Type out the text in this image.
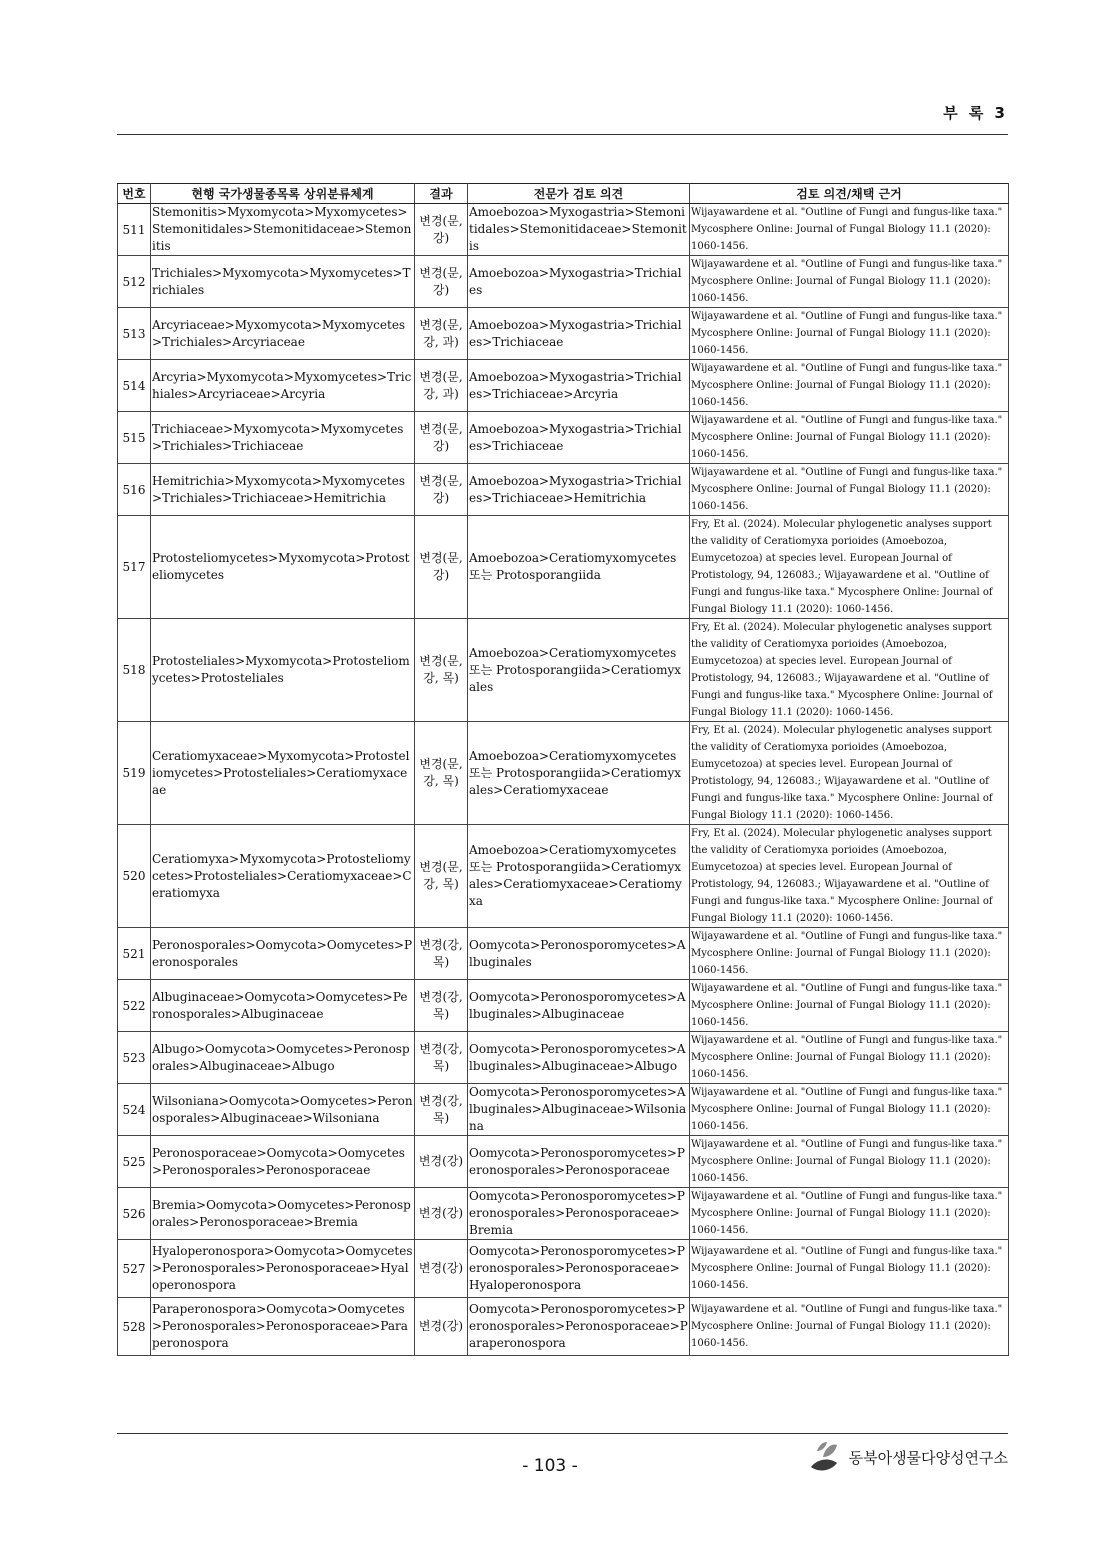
부 록 3
번호	현행 국가생물종목록 상위분류체계	결과	전문가 검토 의견	검토 의견/채택 근거
511	Stemonitis>Myxomycota>Myxomycetes>Stemonitidales>Stemonitidaceae>Stemonitis	변경(문, 강)	Amoebozoa>Myxogastria>Stemonitidales>Stemonitidaceae>Stemonitis	Wijayawardene et al. "Outline of Fungi and fungus-like taxa." Mycosphere Online: Journal of Fungal Biology 11.1 (2020): 1060-1456.
512	Trichiales>Myxomycota>Myxomycetes>Trichiales	변경(문, 강)	Amoebozoa>Myxogastria>Trichiales	Wijayawardene et al. "Outline of Fungi and fungus-like taxa." Mycosphere Online: Journal of Fungal Biology 11.1 (2020): 1060-1456.
513	Arcyriaceae>Myxomycota>Myxomycetes>Trichiales>Arcyriaceae	변경(문, 강, 과)	Amoebozoa>Myxogastria>Trichiales>Trichiaceae	Wijayawardene et al. "Outline of Fungi and fungus-like taxa." Mycosphere Online: Journal of Fungal Biology 11.1 (2020): 1060-1456.
514	Arcyria>Myxomycota>Myxomycetes>Trichiales>Arcyriaceae>Arcyria	변경(문, 강, 과)	Amoebozoa>Myxogastria>Trichiales>Trichiaceae>Arcyria	Wijayawardene et al. "Outline of Fungi and fungus-like taxa." Mycosphere Online: Journal of Fungal Biology 11.1 (2020): 1060-1456.
515	Trichiaceae>Myxomycota>Myxomycetes>Trichiales>Trichiaceae	변경(문, 강)	Amoebozoa>Myxogastria>Trichiales>Trichiaceae	Wijayawardene et al. "Outline of Fungi and fungus-like taxa." Mycosphere Online: Journal of Fungal Biology 11.1 (2020): 1060-1456.
516	Hemitrichia>Myxomycota>Myxomycetes>Trichiales>Trichiaceae>Hemitrichia	변경(문, 강)	Amoebozoa>Myxogastria>Trichiales>Trichiaceae>Hemitrichia	Wijayawardene et al. "Outline of Fungi and fungus-like taxa." Mycosphere Online: Journal of Fungal Biology 11.1 (2020): 1060-1456.
517	Protosteliomycetes>Myxomycota>Protosteliomycetes	변경(문, 강)	Amoebozoa>Ceratiomyxomycetes 또는 Protosporangiida	Fry, Et al. (2024). Molecular phylogenetic analyses support the validity of Ceratiomyxa porioides (Amoebozoa, Eumycetozoa) at species level. European Journal of Protistology, 94, 126083.; Wijayawardene et al. "Outline of Fungi and fungus-like taxa." Mycosphere Online: Journal of Fungal Biology 11.1 (2020): 1060-1456.
518	Protosteliales>Myxomycota>Protosteliomycetes>Protosteliales	변경(문, 강, 목)	Amoebozoa>Ceratiomyxomycetes 또는 Protosporangiida>Ceratiomyxales	Fry, Et al. (2024). Molecular phylogenetic analyses support the validity of Ceratiomyxa porioides (Amoebozoa, Eumycetozoa) at species level. European Journal of Protistology, 94, 126083.; Wijayawardene et al. "Outline of Fungi and fungus-like taxa." Mycosphere Online: Journal of Fungal Biology 11.1 (2020): 1060-1456.
519	Ceratiomyxaceae>Myxomycota>Protosteliomycetes>Protosteliales>Ceratiomyxaceae	변경(문, 강, 목)	Amoebozoa>Ceratiomyxomycetes 또는 Protosporangiida>Ceratiomyxales>Ceratiomyxaceae	Fry, Et al. (2024). Molecular phylogenetic analyses support the validity of Ceratiomyxa porioides (Amoebozoa, Eumycetozoa) at species level. European Journal of Protistology, 94, 126083.; Wijayawardene et al. "Outline of Fungi and fungus-like taxa." Mycosphere Online: Journal of Fungal Biology 11.1 (2020): 1060-1456.
520	Ceratiomyxa>Myxomycota>Protosteliomycetes>Protosteliales>Ceratiomyxaceae>Ceratiomyxa	변경(문, 강, 목)	Amoebozoa>Ceratiomyxomycetes 또는 Protosporangiida>Ceratiomyxales>Ceratiomyxaceae>Ceratiomyxa	Fry, Et al. (2024). Molecular phylogenetic analyses support the validity of Ceratiomyxa porioides (Amoebozoa, Eumycetozoa) at species level. European Journal of Protistology, 94, 126083.; Wijayawardene et al. "Outline of Fungi and fungus-like taxa." Mycosphere Online: Journal of Fungal Biology 11.1 (2020): 1060-1456.
521	Peronosporales>Oomycota>Oomycetes>Peronosporales	변경(강, 목)	Oomycota>Peronosporomycetes>Albuginales	Wijayawardene et al. "Outline of Fungi and fungus-like taxa." Mycosphere Online: Journal of Fungal Biology 11.1 (2020): 1060-1456.
522	Albuginaceae>Oomycota>Oomycetes>Peronosporales>Albuginaceae	변경(강, 목)	Oomycota>Peronosporomycetes>Albuginales>Albuginaceae	Wijayawardene et al. "Outline of Fungi and fungus-like taxa." Mycosphere Online: Journal of Fungal Biology 11.1 (2020): 1060-1456.
523	Albugo>Oomycota>Oomycetes>Peronosporales>Albuginaceae>Albugo	변경(강, 목)	Oomycota>Peronosporomycetes>Albuginales>Albuginaceae>Albugo	Wijayawardene et al. "Outline of Fungi and fungus-like taxa." Mycosphere Online: Journal of Fungal Biology 11.1 (2020): 1060-1456.
524	Wilsoniana>Oomycota>Oomycetes>Peronosporales>Albuginaceae>Wilsoniana	변경(강, 목)	Oomycota>Peronosporomycetes>Albuginales>Albuginaceae>Wilsoniana	Wijayawardene et al. "Outline of Fungi and fungus-like taxa." Mycosphere Online: Journal of Fungal Biology 11.1 (2020): 1060-1456.
525	Peronosporaceae>Oomycota>Oomycetes>Peronosporales>Peronosporaceae	변경(강)	Oomycota>Peronosporomycetes>Peronosporales>Peronosporaceae	Wijayawardene et al. "Outline of Fungi and fungus-like taxa." Mycosphere Online: Journal of Fungal Biology 11.1 (2020): 1060-1456.
526	Bremia>Oomycota>Oomycetes>Peronosporales>Peronosporaceae>Bremia	변경(강)	Oomycota>Peronosporomycetes>Peronosporales>Peronosporaceae>Bremia	Wijayawardene et al. "Outline of Fungi and fungus-like taxa." Mycosphere Online: Journal of Fungal Biology 11.1 (2020): 1060-1456.
527	Hyaloperonospora>Oomycota>Oomycetes>Peronosporales>Peronosporaceae>Hyaloperonospora	변경(강)	Oomycota>Peronosporomycetes>Peronosporales>Peronosporaceae>Hyaloperonospora	Wijayawardene et al. "Outline of Fungi and fungus-like taxa." Mycosphere Online: Journal of Fungal Biology 11.1 (2020): 1060-1456.
528	Paraperonospora>Oomycota>Oomycetes>Peronosporales>Peronosporaceae>Paraperonospora	변경(강)	Oomycota>Peronosporomycetes>Peronosporales>Peronosporaceae>Paraperonospora	Wijayawardene et al. "Outline of Fungi and fungus-like taxa." Mycosphere Online: Journal of Fungal Biology 11.1 (2020): 1060-1456.
- 103 -	동북아생물다양성연구소
